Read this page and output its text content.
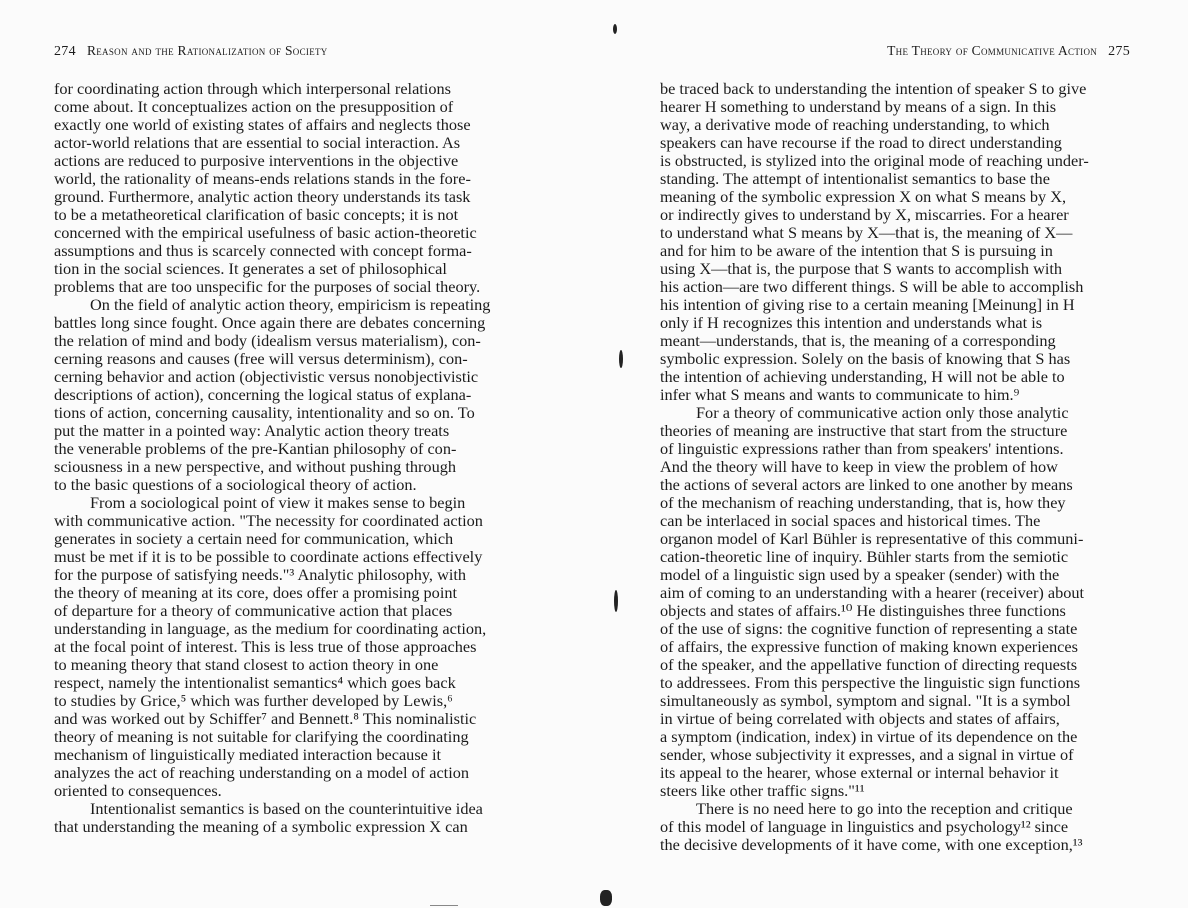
274 Reason and the Rationalization of Society
for coordinating action through which interpersonal relations
come about. It conceptualizes action on the presupposition of
exactly one world of existing states of affairs and neglects those
actor-world relations that are essential to social interaction. As
actions are reduced to purposive interventions in the objective
world, the rationality of means-ends relations stands in the fore-
ground. Furthermore, analytic action theory understands its task
to be a metatheoretical clarification of basic concepts; it is not
concerned with the empirical usefulness of basic action-theoretic
assumptions and thus is scarcely connected with concept forma-
tion in the social sciences. It generates a set of philosophical
problems that are too unspecific for the purposes of social theory.
On the field of analytic action theory, empiricism is repeating
battles long since fought. Once again there are debates concerning
the relation of mind and body (idealism versus materialism), con-
cerning reasons and causes (free will versus determinism), con-
cerning behavior and action (objectivistic versus nonobjectivistic
descriptions of action), concerning the logical status of explana-
tions of action, concerning causality, intentionality and so on. To
put the matter in a pointed way: Analytic action theory treats
the venerable problems of the pre-Kantian philosophy of con-
sciousness in a new perspective, and without pushing through
to the basic questions of a sociological theory of action.
From a sociological point of view it makes sense to begin
with communicative action. "The necessity for coordinated action
generates in society a certain need for communication, which
must be met if it is to be possible to coordinate actions effectively
for the purpose of satisfying needs."³ Analytic philosophy, with
the theory of meaning at its core, does offer a promising point
of departure for a theory of communicative action that places
understanding in language, as the medium for coordinating action,
at the focal point of interest. This is less true of those approaches
to meaning theory that stand closest to action theory in one
respect, namely the intentionalist semantics⁴ which goes back
to studies by Grice,⁵ which was further developed by Lewis,⁶
and was worked out by Schiffer⁷ and Bennett.⁸ This nominalistic
theory of meaning is not suitable for clarifying the coordinating
mechanism of linguistically mediated interaction because it
analyzes the act of reaching understanding on a model of action
oriented to consequences.
Intentionalist semantics is based on the counterintuitive idea
that understanding the meaning of a symbolic expression X can
The Theory of Communicative Action 275
be traced back to understanding the intention of speaker S to give
hearer H something to understand by means of a sign. In this
way, a derivative mode of reaching understanding, to which
speakers can have recourse if the road to direct understanding
is obstructed, is stylized into the original mode of reaching under-
standing. The attempt of intentionalist semantics to base the
meaning of the symbolic expression X on what S means by X,
or indirectly gives to understand by X, miscarries. For a hearer
to understand what S means by X—that is, the meaning of X—
and for him to be aware of the intention that S is pursuing in
using X—that is, the purpose that S wants to accomplish with
his action—are two different things. S will be able to accomplish
his intention of giving rise to a certain meaning [Meinung] in H
only if H recognizes this intention and understands what is
meant—understands, that is, the meaning of a corresponding
symbolic expression. Solely on the basis of knowing that S has
the intention of achieving understanding, H will not be able to
infer what S means and wants to communicate to him.⁹
For a theory of communicative action only those analytic
theories of meaning are instructive that start from the structure
of linguistic expressions rather than from speakers' intentions.
And the theory will have to keep in view the problem of how
the actions of several actors are linked to one another by means
of the mechanism of reaching understanding, that is, how they
can be interlaced in social spaces and historical times. The
organon model of Karl Bühler is representative of this communi-
cation-theoretic line of inquiry. Bühler starts from the semiotic
model of a linguistic sign used by a speaker (sender) with the
aim of coming to an understanding with a hearer (receiver) about
objects and states of affairs.¹⁰ He distinguishes three functions
of the use of signs: the cognitive function of representing a state
of affairs, the expressive function of making known experiences
of the speaker, and the appellative function of directing requests
to addressees. From this perspective the linguistic sign functions
simultaneously as symbol, symptom and signal. "It is a symbol
in virtue of being correlated with objects and states of affairs,
a symptom (indication, index) in virtue of its dependence on the
sender, whose subjectivity it expresses, and a signal in virtue of
its appeal to the hearer, whose external or internal behavior it
steers like other traffic signs."¹¹
There is no need here to go into the reception and critique
of this model of language in linguistics and psychology¹² since
the decisive developments of it have come, with one exception,¹³
